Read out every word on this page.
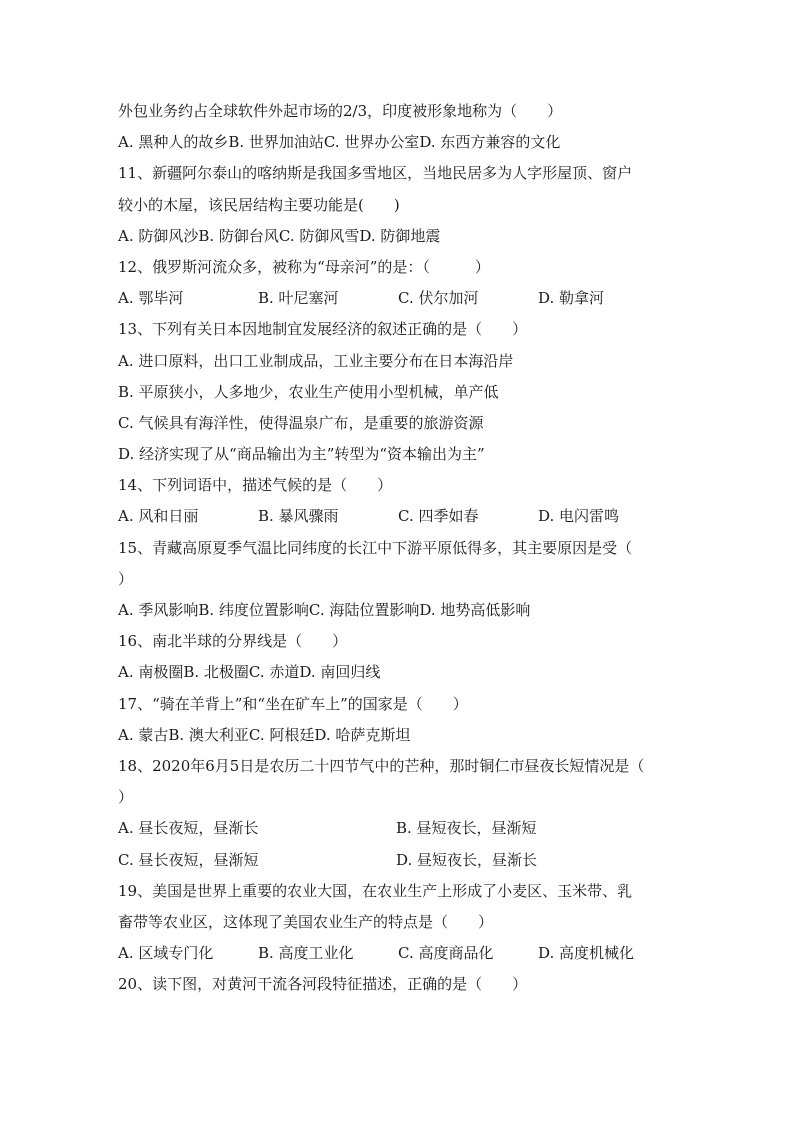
外包业务约占全球软件外起市场的2/3，印度被形象地称为（　　）
A. 黑种人的故乡B. 世界加油站C. 世界办公室D. 东西方兼容的文化
11、新疆阿尔泰山的喀纳斯是我国多雪地区，当地民居多为人字形屋顶、窗户
较小的木屋，该民居结构主要功能是(　　)
A. 防御风沙B. 防御台风C. 防御风雪D. 防御地震
12、俄罗斯河流众多，被称为“母亲河”的是：（　　　）
A. 鄂毕河	B. 叶尼塞河	C. 伏尔加河	D. 勒拿河
13、下列有关日本因地制宜发展经济的叙述正确的是（　　）
A. 进口原料，出口工业制成品，工业主要分布在日本海沿岸
B. 平原狭小，人多地少，农业生产使用小型机械，单产低
C. 气候具有海洋性，使得温泉广布，是重要的旅游资源
D. 经济实现了从“商品输出为主”转型为“资本输出为主”
14、下列词语中，描述气候的是（　　）
A. 风和日丽	B. 暴风骤雨	C. 四季如春	D. 电闪雷鸣
15、青藏高原夏季气温比同纬度的长江中下游平原低得多，其主要原因是受（
）
A. 季风影响B. 纬度位置影响C. 海陆位置影响D. 地势高低影响
16、南北半球的分界线是（　　）
A. 南极圈B. 北极圈C. 赤道D. 南回归线
17、“骑在羊背上”和“坐在矿车上”的国家是（　　）
A. 蒙古B. 澳大利亚C. 阿根廷D. 哈萨克斯坦
18、2020年6月5日是农历二十四节气中的芒种，那时铜仁市昼夜长短情况是（
）
A. 昼长夜短，昼渐长	B. 昼短夜长，昼渐短
C. 昼长夜短，昼渐短	D. 昼短夜长，昼渐长
19、美国是世界上重要的农业大国，在农业生产上形成了小麦区、玉米带、乳
畜带等农业区，这体现了美国农业生产的特点是（　　）
A. 区域专门化	B. 高度工业化	C. 高度商品化	D. 高度机械化
20、读下图，对黄河干流各河段特征描述，正确的是（　　）
